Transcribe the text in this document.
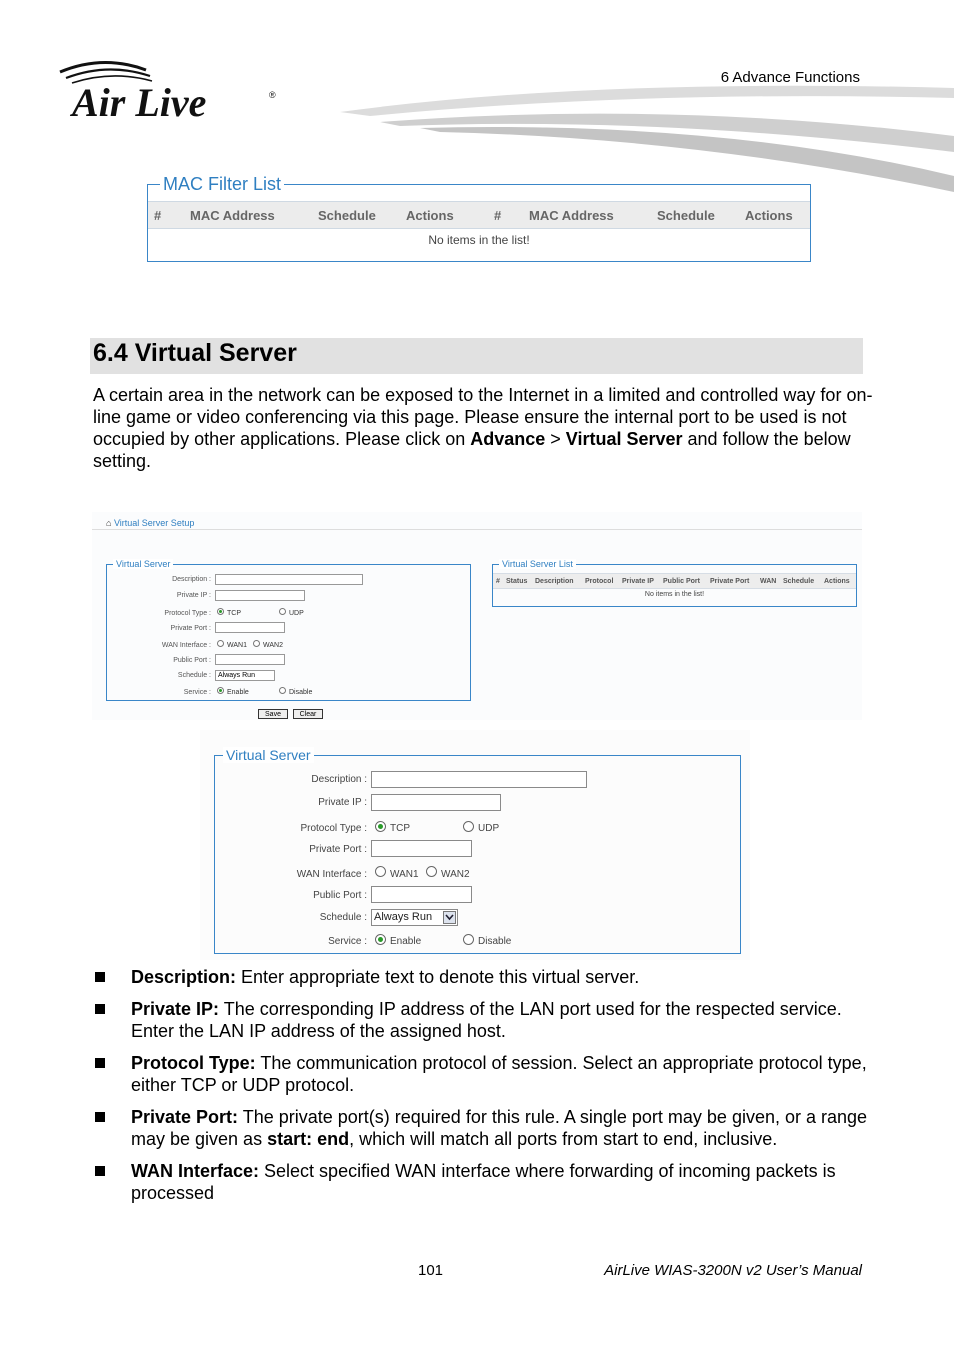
Air Live	®
6 Advance Functions
MAC Filter List
# MAC Address	Schedule Actions	# MAC Address	Schedule Actions
No items in the list!
6.4 Virtual Server
A certain area in the network can be exposed to the Internet in a limited and controlled way for on-line game or video conferencing via this page. Please ensure the internal port to be used is not occupied by other applications. Please click on Advance > Virtual Server and follow the below setting.
⌂ Virtual Server Setup
Virtual Server
Description :
Private IP :
Protocol Type : TCP	UDP
Private Port :
WAN Interface : WAN1 WAN2
Public Port :
Schedule :	Always Run
Service : Enable	Disable
Save	Clear
Virtual Server List
# Status Description Protocol Private IP Public Port Private Port WAN Schedule Actions
No items in the list!
Virtual Server
Description :
Private IP :
Protocol Type : TCP	UDP
Private Port :
WAN Interface : WAN1 WAN2
Public Port :
Schedule : Always Run
Service : Enable	Disable
Description: Enter appropriate text to denote this virtual server.
Private IP: The corresponding IP address of the LAN port used for the respected service. Enter the LAN IP address of the assigned host.
Protocol Type: The communication protocol of session. Select an appropriate protocol type, either TCP or UDP protocol.
Private Port: The private port(s) required for this rule. A single port may be given, or a range may be given as start: end, which will match all ports from start to end, inclusive.
WAN Interface: Select specified WAN interface where forwarding of incoming packets is processed
101	AirLive WIAS-3200N v2 User’s Manual
